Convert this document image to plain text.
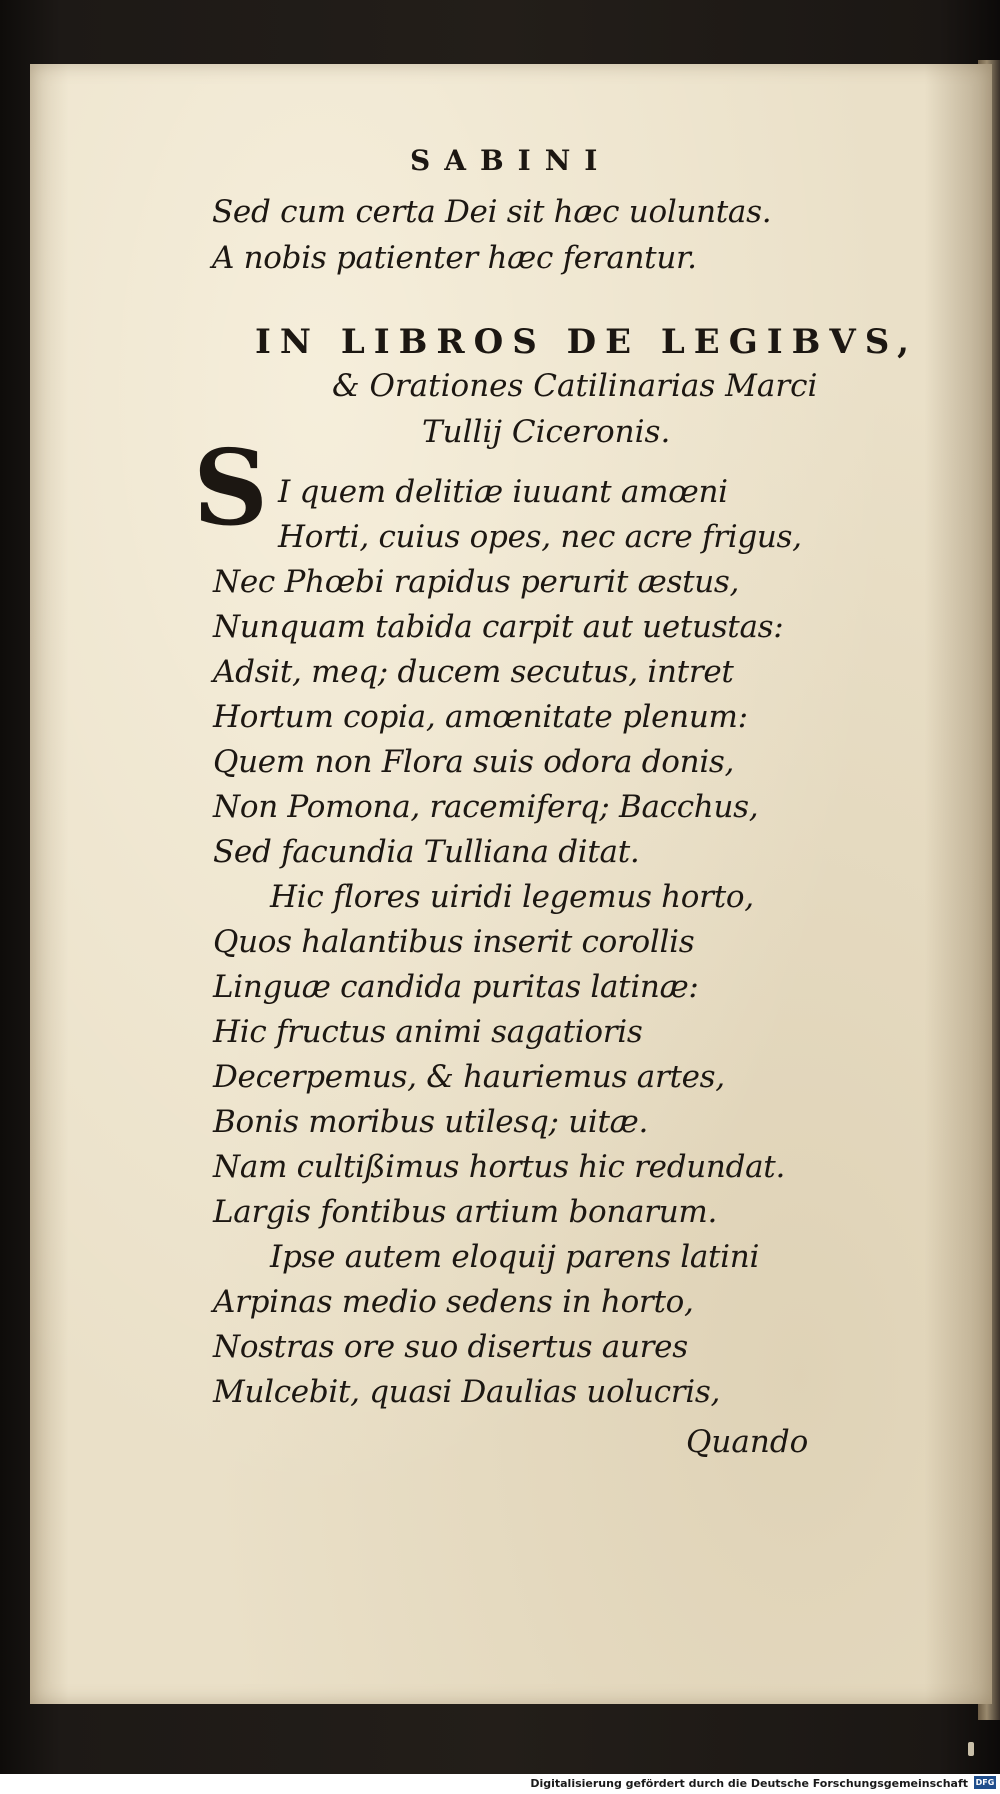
SABINI
Sed cum certa Dei sit hæc uoluntas.
A nobis patienter hæc ferantur.
IN LIBROS DE LEGIBVS,
& Orationes Catilinarias Marci
Tullij Ciceronis.
S I quem delitiæ iuuant amœni
Horti, cuius opes, nec acre frigus,
Nec Phœbi rapidus perurit æstus,
Nunquam tabida carpit aut uetustas:
Adsit, meq; ducem secutus, intret
Hortum copia, amœnitate plenum:
Quem non Flora suis odora donis,
Non Pomona, racemiferq; Bacchus,
Sed facundia Tulliana ditat.
Hic flores uiridi legemus horto,
Quos halantibus inserit corollis
Linguæ candida puritas latinæ:
Hic fructus animi sagatioris
Decerpemus, & hauriemus artes,
Bonis moribus utilesq; uitæ.
Nam cultißimus hortus hic redundat.
Largis fontibus artium bonarum.
Ipse autem eloquij parens latini
Arpinas medio sedens in horto,
Nostras ore suo disertus aures
Mulcebit, quasi Daulias uolucris,
Quando
Digitalisierung gefördert durch die Deutsche Forschungsgemeinschaft DFG
